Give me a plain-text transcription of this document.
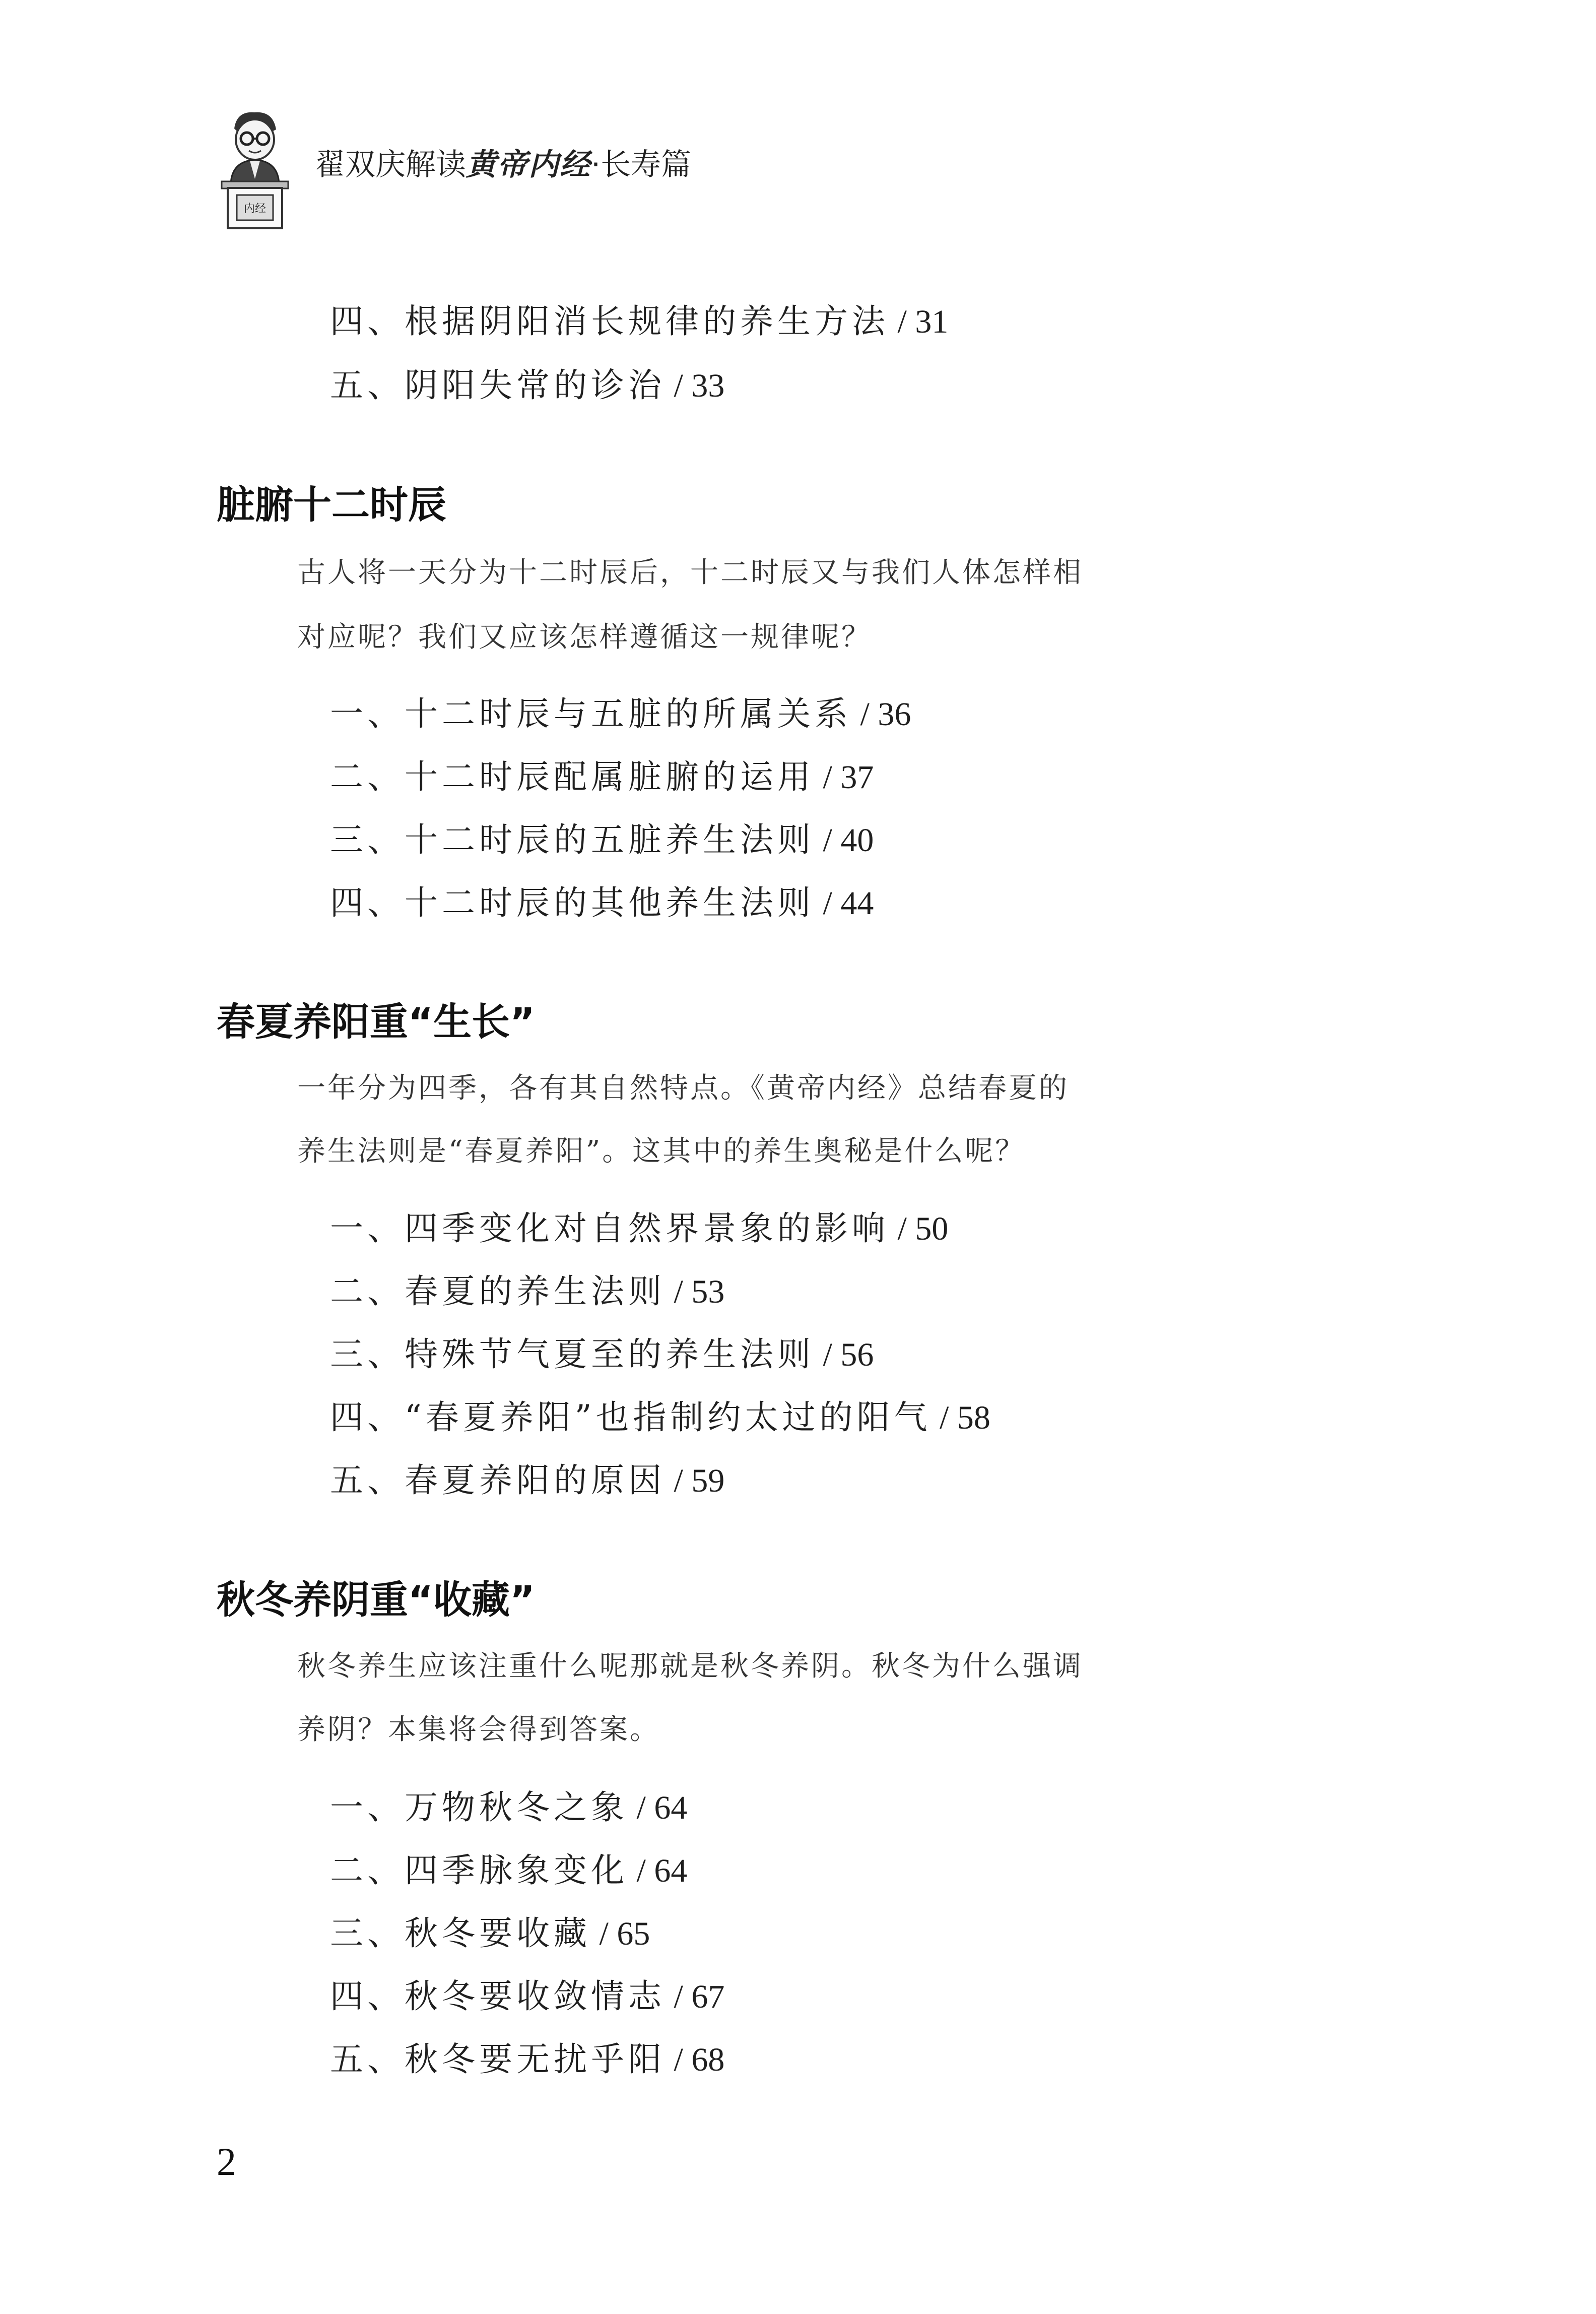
内经
翟双庆解读黄帝内经·长寿篇
四、根据阴阳消长规律的养生方法 / 31
五、阴阳失常的诊治 / 33
脏腑十二时辰
古人将一天分为十二时辰后，十二时辰又与我们人体怎样相
对应呢？我们又应该怎样遵循这一规律呢？
一、十二时辰与五脏的所属关系 / 36
二、十二时辰配属脏腑的运用 / 37
三、十二时辰的五脏养生法则 / 40
四、十二时辰的其他养生法则 / 44
春夏养阳重“生长”
一年分为四季，各有其自然特点。《黄帝内经》总结春夏的
养生法则是“春夏养阳”。这其中的养生奥秘是什么呢？
一、四季变化对自然界景象的影响 / 50
二、春夏的养生法则 / 53
三、特殊节气夏至的养生法则 / 56
四、“春夏养阳”也指制约太过的阳气 / 58
五、春夏养阳的原因 / 59
秋冬养阴重“收藏”
秋冬养生应该注重什么呢那就是秋冬养阴。秋冬为什么强调
养阴？本集将会得到答案。
一、万物秋冬之象 / 64
二、四季脉象变化 / 64
三、秋冬要收藏 / 65
四、秋冬要收敛情志 / 67
五、秋冬要无扰乎阳 / 68
2
